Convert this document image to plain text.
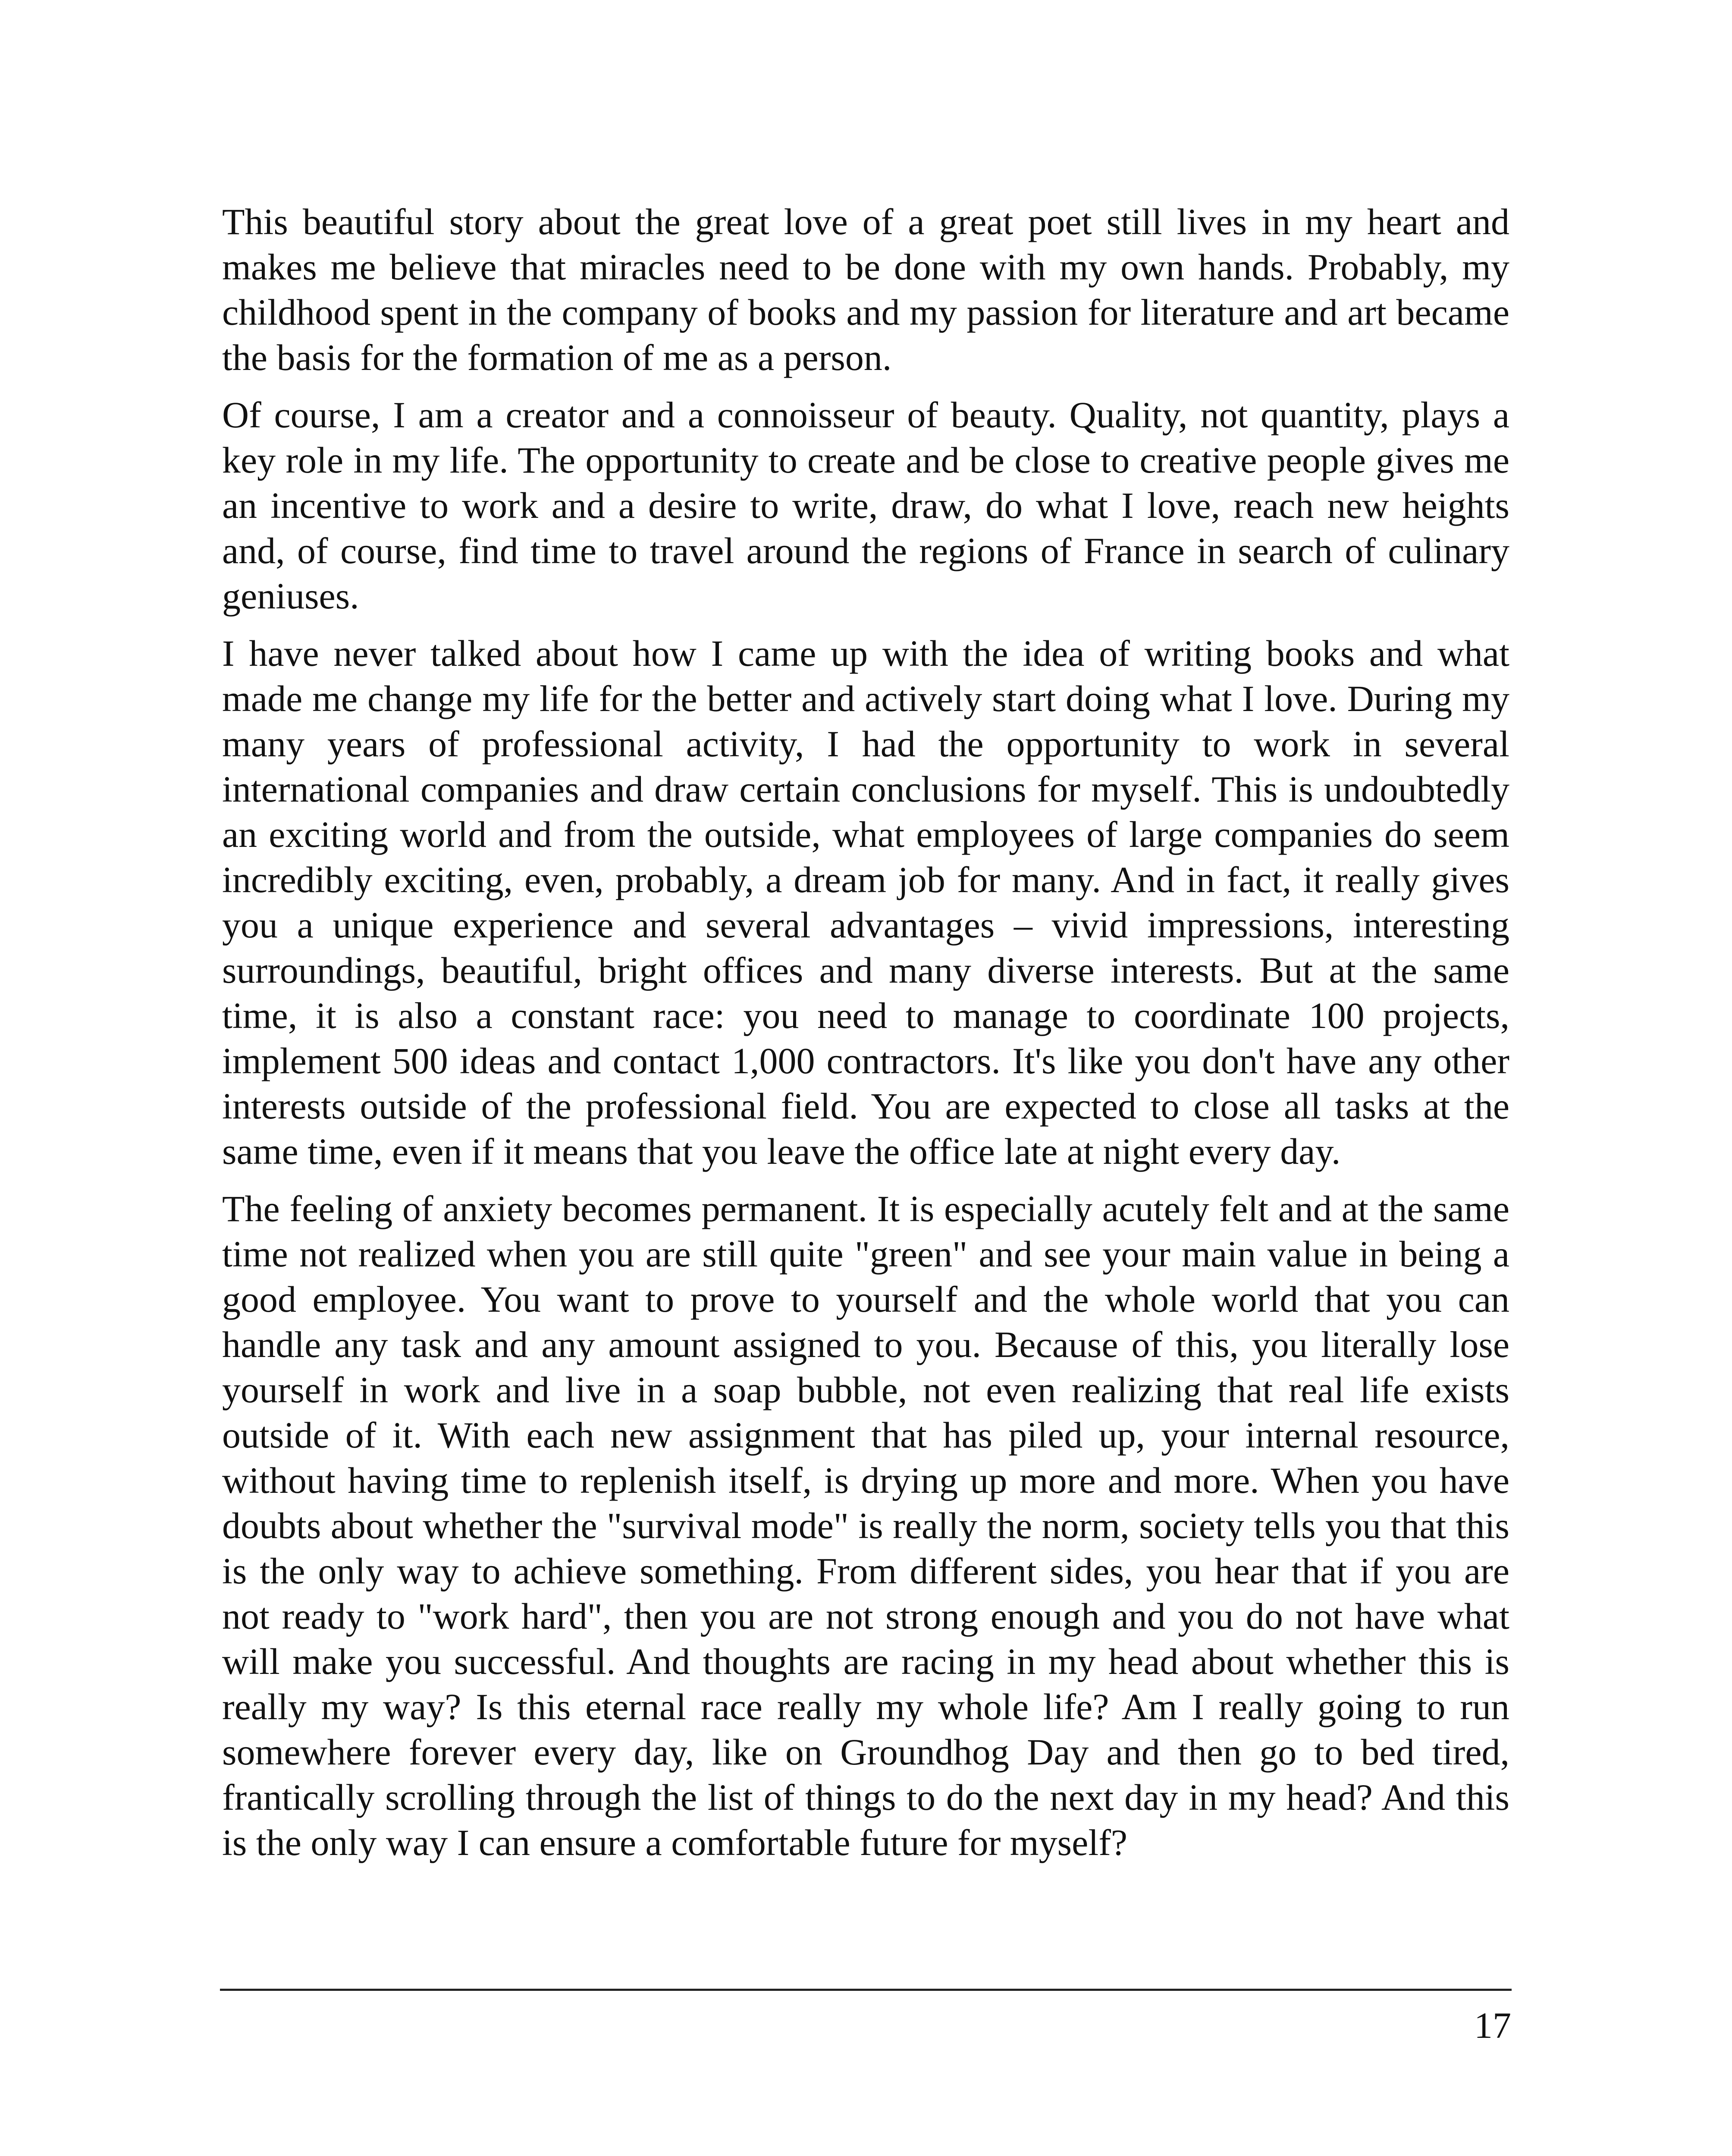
This beautiful story about the great love of a great poet still lives in my heart and makes me believe that miracles need to be done with my own hands. Probably, my childhood spent in the company of books and my passion for literature and art became the basis for the formation of me as a person.

Of course, I am a creator and a connoisseur of beauty. Quality, not quantity, plays a key role in my life. The opportunity to create and be close to creative people gives me an incentive to work and a desire to write, draw, do what I love, reach new heights and, of course, find time to travel around the regions of France in search of culinary geniuses.

I have never talked about how I came up with the idea of writing books and what made me change my life for the better and actively start doing what I love. During my many years of professional activity, I had the opportunity to work in several international companies and draw certain conclusions for myself. This is undoubtedly an exciting world and from the outside, what employees of large companies do seem incredibly exciting, even, probably, a dream job for many. And in fact, it really gives you a unique experience and several advantages – vivid impressions, interesting surroundings, beautiful, bright offices and many diverse interests. But at the same time, it is also a constant race: you need to manage to coordinate 100 projects, implement 500 ideas and contact 1,000 contractors. It's like you don't have any other interests outside of the professional field. You are expected to close all tasks at the same time, even if it means that you leave the office late at night every day.

The feeling of anxiety becomes permanent. It is especially acutely felt and at the same time not realized when you are still quite "green" and see your main value in being a good employee. You want to prove to yourself and the whole world that you can handle any task and any amount assigned to you. Because of this, you literally lose yourself in work and live in a soap bubble, not even realizing that real life exists outside of it. With each new assignment that has piled up, your internal resource, without having time to replenish itself, is drying up more and more. When you have doubts about whether the "survival mode" is really the norm, society tells you that this is the only way to achieve something. From different sides, you hear that if you are not ready to "work hard", then you are not strong enough and you do not have what will make you successful. And thoughts are racing in my head about whether this is really my way? Is this eternal race really my whole life? Am I really going to run somewhere forever every day, like on Groundhog Day and then go to bed tired, frantically scrolling through the list of things to do the next day in my head? And this is the only way I can ensure a comfortable future for myself?

17
